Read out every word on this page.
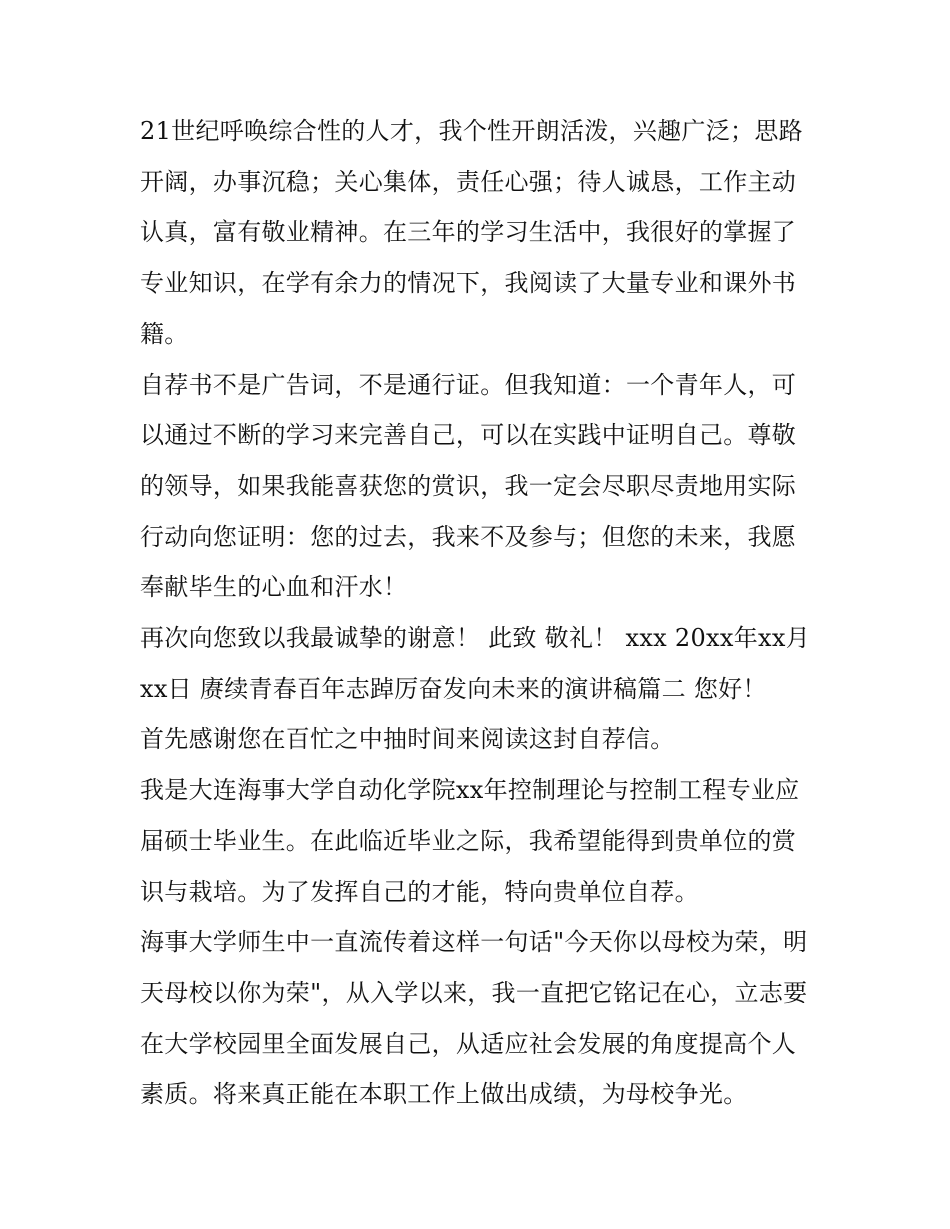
21世纪呼唤综合性的人才，我个性开朗活泼，兴趣广泛；思路开阔，办事沉稳；关心集体，责任心强；待人诚恳，工作主动认真，富有敬业精神。在三年的学习生活中，我很好的掌握了专业知识，在学有余力的情况下，我阅读了大量专业和课外书籍。

自荐书不是广告词，不是通行证。但我知道：一个青年人，可以通过不断的学习来完善自己，可以在实践中证明自己。尊敬的领导，如果我能喜获您的赏识，我一定会尽职尽责地用实际行动向您证明：您的过去，我来不及参与；但您的未来，我愿奉献毕生的心血和汗水！

再次向您致以我最诚挚的谢意！ 此致 敬礼！ xxx 20xx年xx月xx日 赓续青春百年志踔厉奋发向未来的演讲稿篇二 您好！

首先感谢您在百忙之中抽时间来阅读这封自荐信。

我是大连海事大学自动化学院xx年控制理论与控制工程专业应届硕士毕业生。在此临近毕业之际，我希望能得到贵单位的赏识与栽培。为了发挥自己的才能，特向贵单位自荐。

海事大学师生中一直流传着这样一句话"今天你以母校为荣，明天母校以你为荣"，从入学以来，我一直把它铭记在心，立志要在大学校园里全面发展自己，从适应社会发展的角度提高个人素质。将来真正能在本职工作上做出成绩，为母校争光。
